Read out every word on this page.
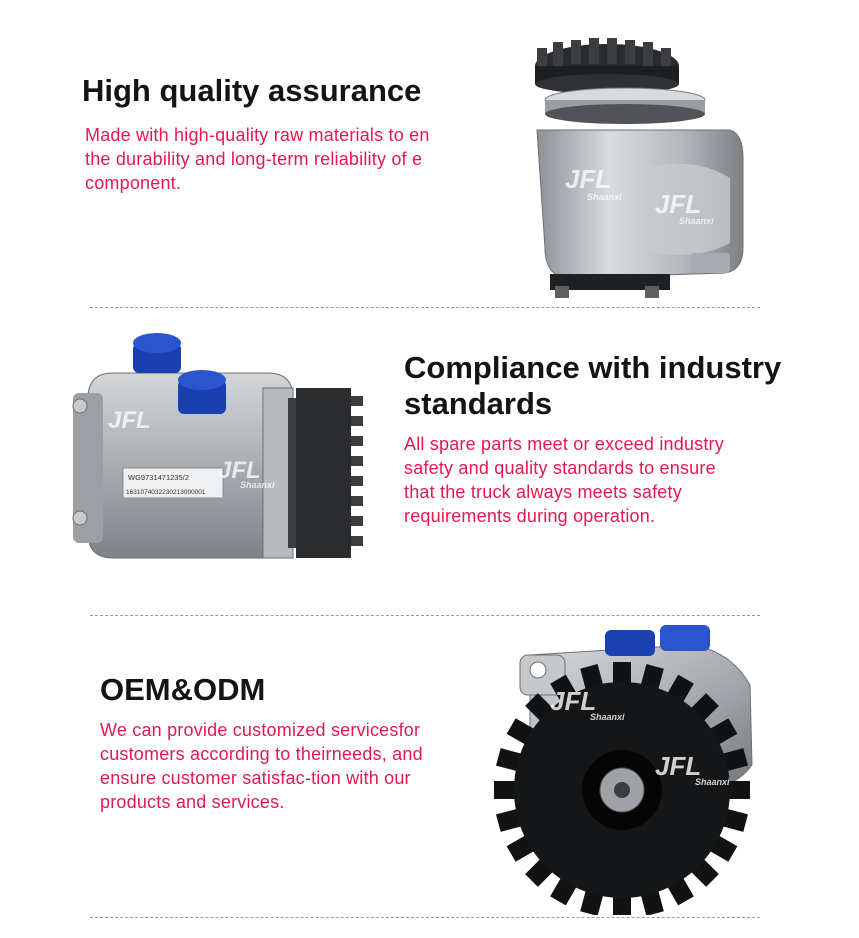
High quality assurance
Made with high-quality raw materials to en
the durability and long-term reliability of e
component.	JFL
Shaanxi JFL
Shaanxi
WG9731471235/2
1631074032230213000001
JFL
JFL
Shaanxi
Compliance with industry
standards
All spare parts meet or exceed industry
safety and quality standards to ensure
that the truck always meets safety
requirements during operation.
OEM&ODM
We can provide customized servicesfor
customers according to theirneeds, and
ensure customer satisfac-tion with our
products and services.
JFL
Shaanxi
JFL
Shaanxi
